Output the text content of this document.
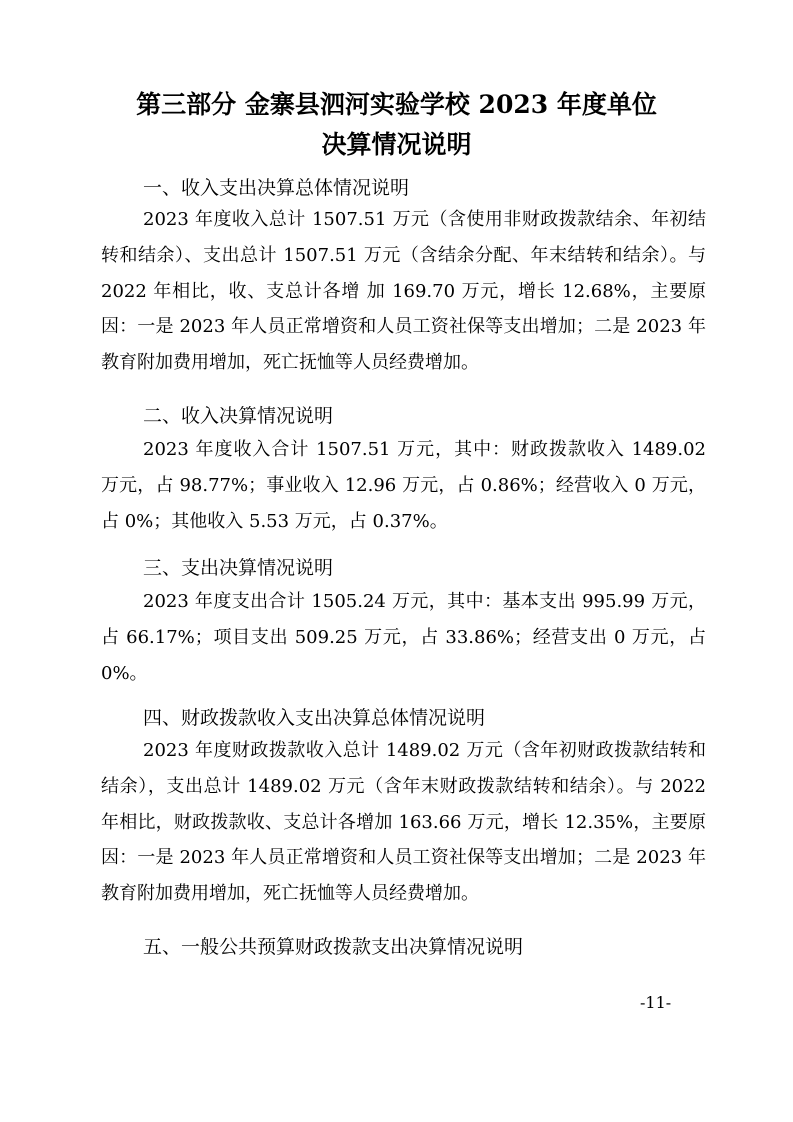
第三部分 金寨县泗河实验学校 2023 年度单位
决算情况说明
一、收入支出决算总体情况说明
2023 年度收入总计 1507.51 万元（含使用非财政拨款结余、年初结转和结余）、支出总计 1507.51 万元（含结余分配、年末结转和结余）。与 2022 年相比，收、支总计各增 加 169.70 万元，增长 12.68%，主要原因：一是 2023 年人员正常增资和人员工资社保等支出增加；二是 2023 年教育附加费用增加，死亡抚恤等人员经费增加。
二、收入决算情况说明
2023 年度收入合计 1507.51 万元，其中：财政拨款收入 1489.02 万元，占 98.77%；事业收入 12.96 万元，占 0.86%；经营收入 0 万元，占 0%；其他收入 5.53 万元，占 0.37%。
三、支出决算情况说明
2023 年度支出合计 1505.24 万元，其中：基本支出 995.99 万元，占 66.17%；项目支出 509.25 万元，占 33.86%；经营支出 0 万元，占 0%。
四、财政拨款收入支出决算总体情况说明
2023 年度财政拨款收入总计 1489.02 万元（含年初财政拨款结转和结余），支出总计 1489.02 万元（含年末财政拨款结转和结余）。与 2022 年相比，财政拨款收、支总计各增加 163.66 万元，增长 12.35%，主要原因：一是 2023 年人员正常增资和人员工资社保等支出增加；二是 2023 年教育附加费用增加，死亡抚恤等人员经费增加。
五、一般公共预算财政拨款支出决算情况说明
-11-
